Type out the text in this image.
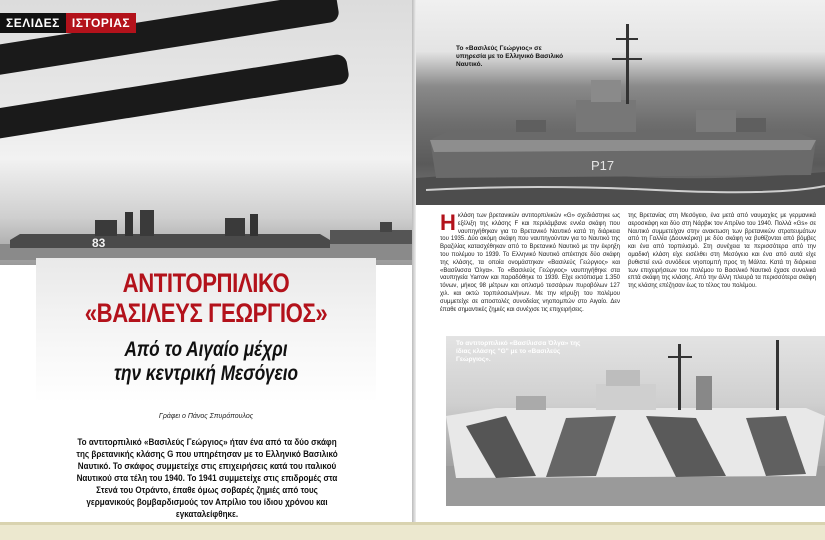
83
ΣΕΛΙΔΕΣ	ΙΣΤΟΡΙΑΣ
ΑΝΤΙΤΟΡΠΙΛΙΚΟ
«ΒΑΣΙΛΕΥΣ ΓΕΩΡΓΙΟΣ»
Από το Αιγαίο μέχρι
την κεντρική Μεσόγειο
Γράφει ο Πάνος Σπυρόπουλος
Το αντιτορπιλικό «Βασιλεύς Γεώργιος» ήταν ένα από τα δύο σκάφη της βρετανικής κλάσης G που υπηρέτησαν με το Ελληνικό Βασιλικό Ναυτικό. Το σκάφος συμμετείχε στις επιχειρήσεις κατά του ιταλικού Ναυτικού στα τέλη του 1940. Το 1941 συμμετείχε στις επιδρομές στα Στενά του Οτράντο, έπαθε όμως σοβαρές ζημιές από τους γερμανικούς βομβαρδισμούς τον Απρίλιο του ίδιου χρόνου και εγκαταλείφθηκε.
P17
Το «Βασιλεύς Γεώργιος» σε υπηρεσία με το Ελληνικό Βασιλικό Ναυτικό.
Η κλάση των βρετανικών αντιτορπιλικών «G» σχεδιάστηκε ως εξέλιξη της κλάσης F και περιλάμβανε εννέα σκάφη που ναυπηγήθηκαν για το Βρετανικό Ναυτικό κατά τη διάρκεια του 1935. Δύο ακόμη σκάφη που ναυπηγούνταν για το Ναυτικό της Βραζιλίας κατασχέθηκαν από το Βρετανικό Ναυτικό με την έκρηξη του πολέμου το 1939. Το Ελληνικό Ναυτικό απέκτησε δύο σκάφη της κλάσης, τα οποία ονομάστηκαν «Βασιλεύς Γεώργιος» και «Βασίλισσα Όλγα». Το «Βασιλεύς Γεώργιος» ναυπηγήθηκε στα ναυπηγεία Yarrow και παραδόθηκε το 1939. Είχε εκτόπισμα 1.350 τόνων, μήκος 98 μέτρων και οπλισμό τεσσάρων πυροβόλων 127 χιλ. και οκτώ τορπιλοσωλήνων. Με την κήρυξη του πολέμου συμμετείχε σε αποστολές συνοδείας νηοπομπών στο Αιγαίο. Δεν έπαθε σημαντικές ζημιές και συνέχισε τις επιχειρήσεις.
της Βρετανίας στη Μεσόγειο, ένα μετά από ναυμαχίες με γερμανικά αεροσκάφη και δύο στη Νάρβικ τον Απρίλιο του 1940. Πολλά «Gs» σε Ναυτικό συμμετείχαν στην ανακτωση των βρετανικών στρατευμάτων από τη Γαλλία (Δουνκέρκη) με δύο σκάφη να βυθίζονται από βόμβες και ένα από τορπιλισμό. Στη συνέχεια τα περισσότερα από την ομαδική κλάση είχε εισέλθει στη Μεσόγειο και ένα από αυτά είχε βυθιστεί ενώ συνόδευε νηοπομπή προς τη Μάλτα. Κατά τη διάρκεια των επιχειρήσεων του πολέμου το Βασιλικό Ναυτικό έχασε συνολικά επτά σκάφη της κλάσης. Από την άλλη πλευρά τα περισσότερα σκάφη της κλάσης επέζησαν έως το τέλος του πολέμου.
Το αντιτορπιλικό «Βασίλισσα Όλγα» της ίδιας κλάσης "G" με το «Βασιλεύς Γεώργιος».
